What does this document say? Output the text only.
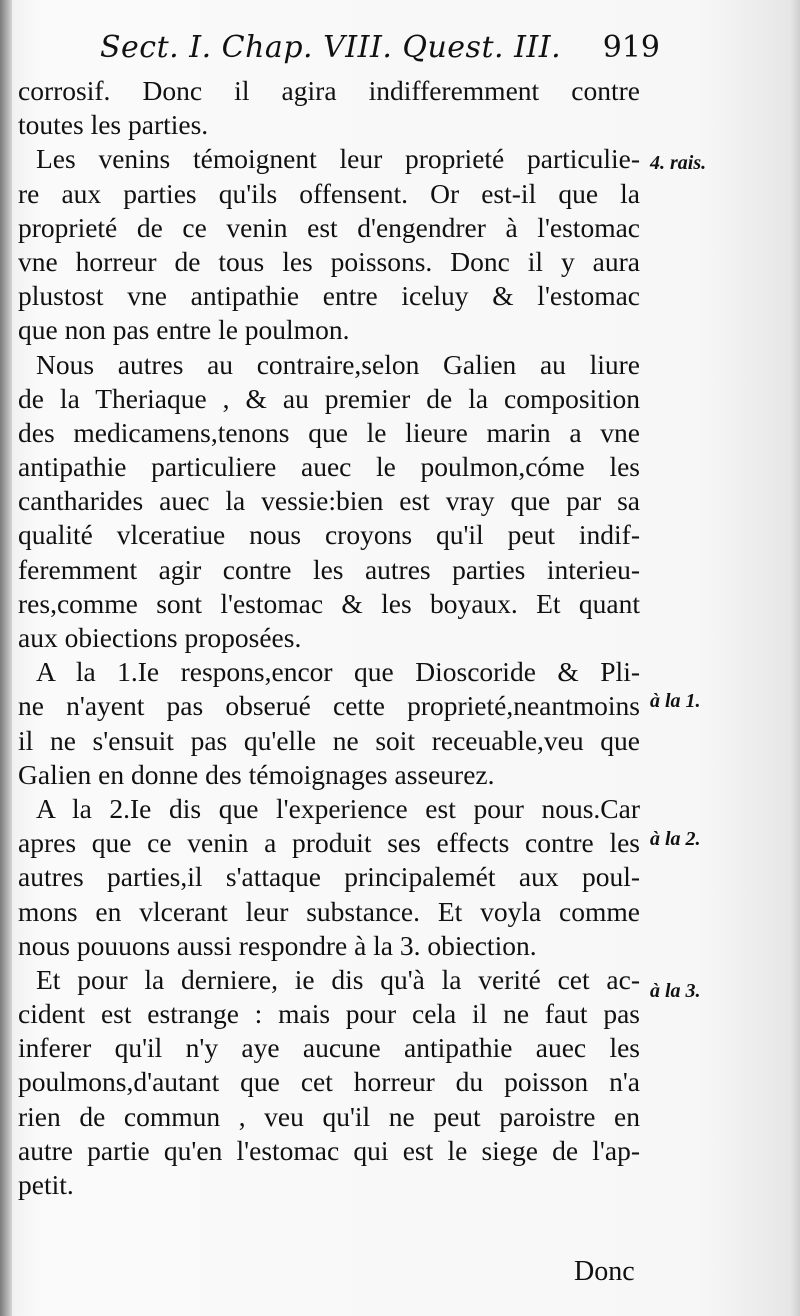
Sect. I. Chap. VIII. Quest. III. 919
corrosif. Donc il agira indifferemment contre
toutes les parties.
Les venins témoignent leur proprieté particulie-
re aux parties qu'ils offensent. Or est-il que la
proprieté de ce venin est d'engendrer à l'estomac
vne horreur de tous les poissons. Donc il y aura
plustost vne antipathie entre iceluy & l'estomac
que non pas entre le poulmon.
Nous autres au contraire,selon Galien au liure
de la Theriaque , & au premier de la composition
des medicamens,tenons que le lieure marin a vne
antipathie particuliere auec le poulmon,cóme les
cantharides auec la vessie:bien est vray que par sa
qualité vlceratiue nous croyons qu'il peut indif-
feremment agir contre les autres parties interieu-
res,comme sont l'estomac & les boyaux. Et quant
aux obiections proposées.
A la 1.Ie respons,encor que Dioscoride & Pli-
ne n'ayent pas obserué cette proprieté,neantmoins
il ne s'ensuit pas qu'elle ne soit receuable,veu que
Galien en donne des témoignages asseurez.
A la 2.Ie dis que l'experience est pour nous.Car
apres que ce venin a produit ses effects contre les
autres parties,il s'attaque principalemét aux poul-
mons en vlcerant leur substance. Et voyla comme
nous pouuons aussi respondre à la 3. obiection.
Et pour la derniere, ie dis qu'à la verité cet ac-
cident est estrange : mais pour cela il ne faut pas
inferer qu'il n'y aye aucune antipathie auec les
poulmons,d'autant que cet horreur du poisson n'a
rien de commun , veu qu'il ne peut paroistre en
autre partie qu'en l'estomac qui est le siege de l'ap-
petit.
4. rais.
à la 1.
à la 2.
à la 3.
Donc
